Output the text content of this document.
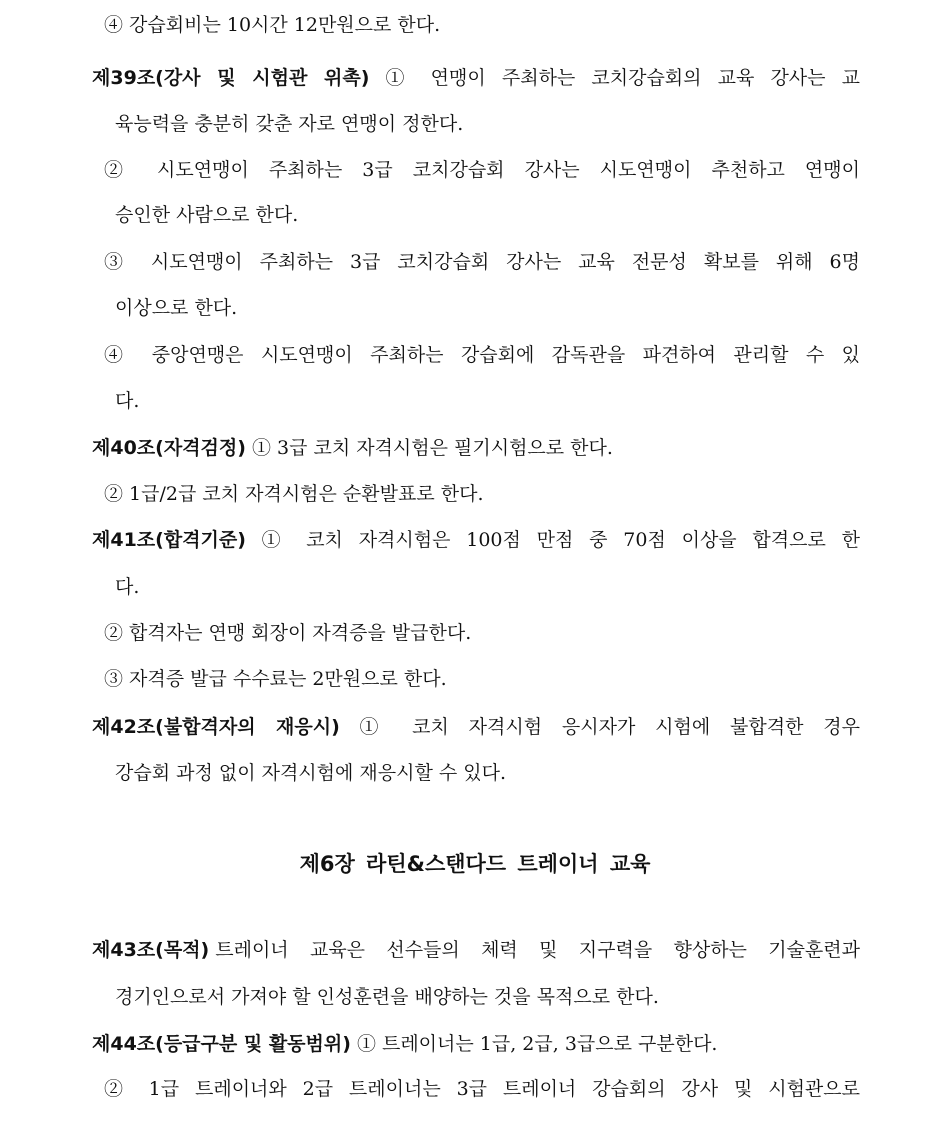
④ 강습회비는 10시간 12만원으로 한다.
제39조(강사 및 시험관 위촉) ① 연맹이 주최하는 코치강습회의 교육 강사는 교
육능력을 충분히 갖춘 자로 연맹이 정한다.
② 시도연맹이 주최하는 3급 코치강습회 강사는 시도연맹이 추천하고 연맹이
승인한 사람으로 한다.
③ 시도연맹이 주최하는 3급 코치강습회 강사는 교육 전문성 확보를 위해 6명
이상으로 한다.
④ 중앙연맹은 시도연맹이 주최하는 강습회에 감독관을 파견하여 관리할 수 있
다.
제40조(자격검정) ① 3급 코치 자격시험은 필기시험으로 한다.
② 1급/2급 코치 자격시험은 순환발표로 한다.
제41조(합격기준) ① 코치 자격시험은 100점 만점 중 70점 이상을 합격으로 한
다.
② 합격자는 연맹 회장이 자격증을 발급한다.
③ 자격증 발급 수수료는 2만원으로 한다.
제42조(불합격자의 재응시) ① 코치 자격시험 응시자가 시험에 불합격한 경우
강습회 과정 없이 자격시험에 재응시할 수 있다.
제6장 라틴&스탠다드 트레이너 교육
제43조(목적) 트레이너 교육은 선수들의 체력 및 지구력을 향상하는 기술훈련과
경기인으로서 가져야 할 인성훈련을 배양하는 것을 목적으로 한다.
제44조(등급구분 및 활동범위) ① 트레이너는 1급, 2급, 3급으로 구분한다.
② 1급 트레이너와 2급 트레이너는 3급 트레이너 강습회의 강사 및 시험관으로
